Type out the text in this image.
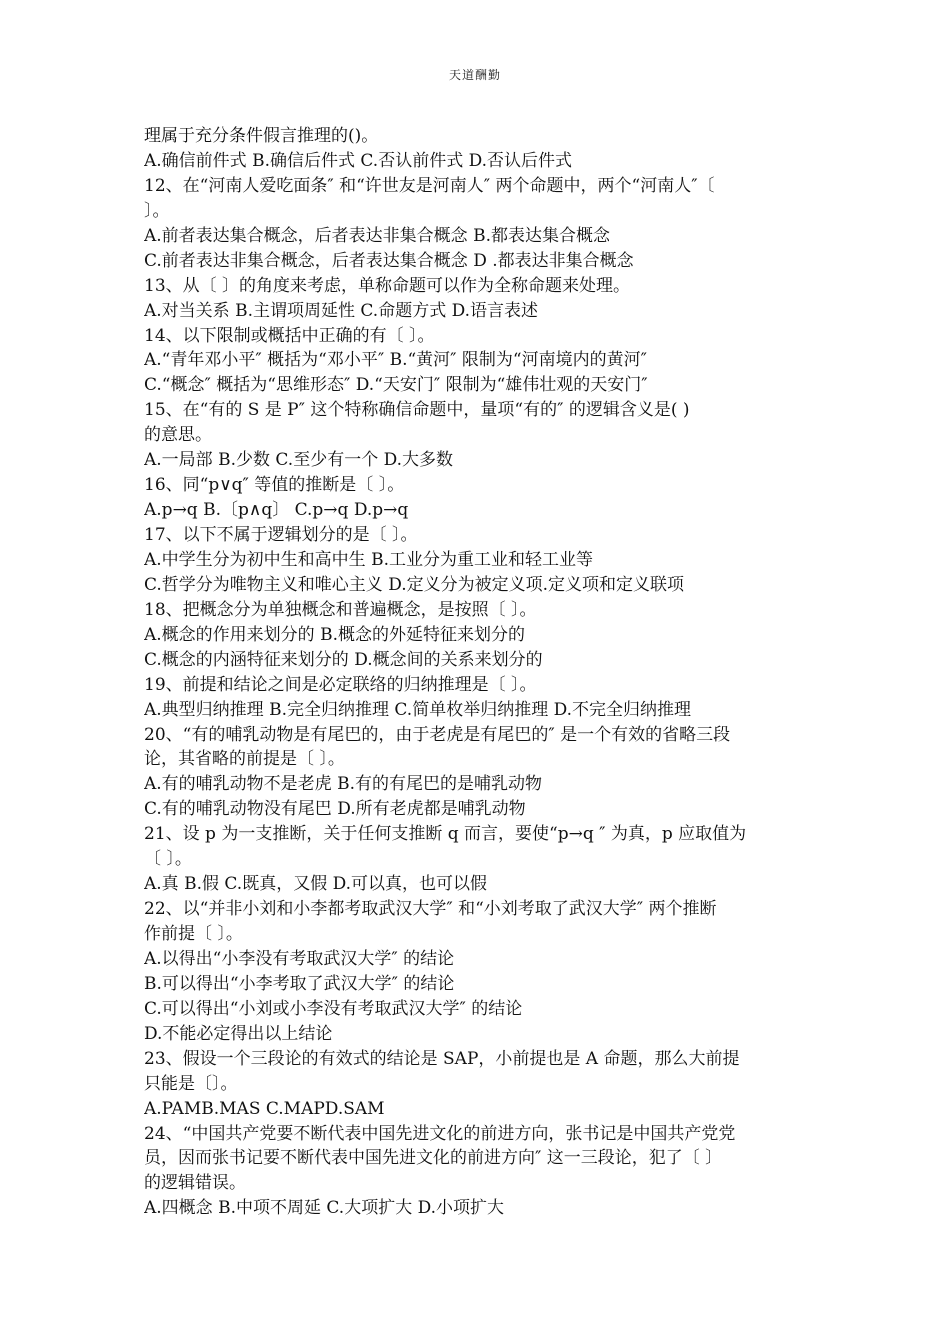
天道酬勤
理属于充分条件假言推理的()。
A.确信前件式 B.确信后件式 C.否认前件式 D.否认后件式
12、在“河南人爱吃面条″ 和“许世友是河南人″ 两个命题中，两个“河南人″〔
〕。
A.前者表达集合概念，后者表达非集合概念 B.都表达集合概念
C.前者表达非集合概念，后者表达集合概念 D .都表达非集合概念
13、从〔 〕的角度来考虑，单称命题可以作为全称命题来处理。
A.对当关系 B.主谓项周延性 C.命题方式 D.语言表述
14、以下限制或概括中正确的有〔 〕。
A.“青年邓小平″ 概括为“邓小平″ B.“黄河″ 限制为“河南境内的黄河″
C.“概念″ 概括为“思维形态″ D.“天安门″ 限制为“雄伟壮观的天安门″
15、在“有的 S 是 P″ 这个特称确信命题中，量项“有的″ 的逻辑含义是( )
的意思。
A.一局部 B.少数 C.至少有一个 D.大多数
16、同“p∨q″ 等值的推断是〔 〕。
A.p→q B.〔p∧q〕 C.p→q D.p→q
17、以下不属于逻辑划分的是〔 〕。
A.中学生分为初中生和高中生 B.工业分为重工业和轻工业等
C.哲学分为唯物主义和唯心主义 D.定义分为被定义项.定义项和定义联项
18、把概念分为单独概念和普遍概念，是按照〔 〕。
A.概念的作用来划分的 B.概念的外延特征来划分的
C.概念的内涵特征来划分的 D.概念间的关系来划分的
19、前提和结论之间是必定联络的归纳推理是〔 〕。
A.典型归纳推理 B.完全归纳推理 C.简单枚举归纳推理 D.不完全归纳推理
20、“有的哺乳动物是有尾巴的，由于老虎是有尾巴的″ 是一个有效的省略三段
论，其省略的前提是〔 〕。
A.有的哺乳动物不是老虎 B.有的有尾巴的是哺乳动物
C.有的哺乳动物没有尾巴 D.所有老虎都是哺乳动物
21、设 p 为一支推断，关于任何支推断 q 而言，要使“p→q ″ 为真，p 应取值为
〔 〕。
A.真 B.假 C.既真，又假 D.可以真，也可以假
22、以“并非小刘和小李都考取武汉大学″ 和“小刘考取了武汉大学″ 两个推断
作前提〔 〕。
A.以得出“小李没有考取武汉大学″ 的结论
B.可以得出“小李考取了武汉大学″ 的结论
C.可以得出“小刘或小李没有考取武汉大学″ 的结论
D.不能必定得出以上结论
23、假设一个三段论的有效式的结论是 SAP，小前提也是 A 命题，那么大前提
只能是〔〕。
A.PAMB.MAS C.MAPD.SAM
24、“中国共产党要不断代表中国先进文化的前进方向，张书记是中国共产党党
员，因而张书记要不断代表中国先进文化的前进方向″ 这一三段论，犯了〔 〕
的逻辑错误。
A.四概念 B.中项不周延 C.大项扩大 D.小项扩大
